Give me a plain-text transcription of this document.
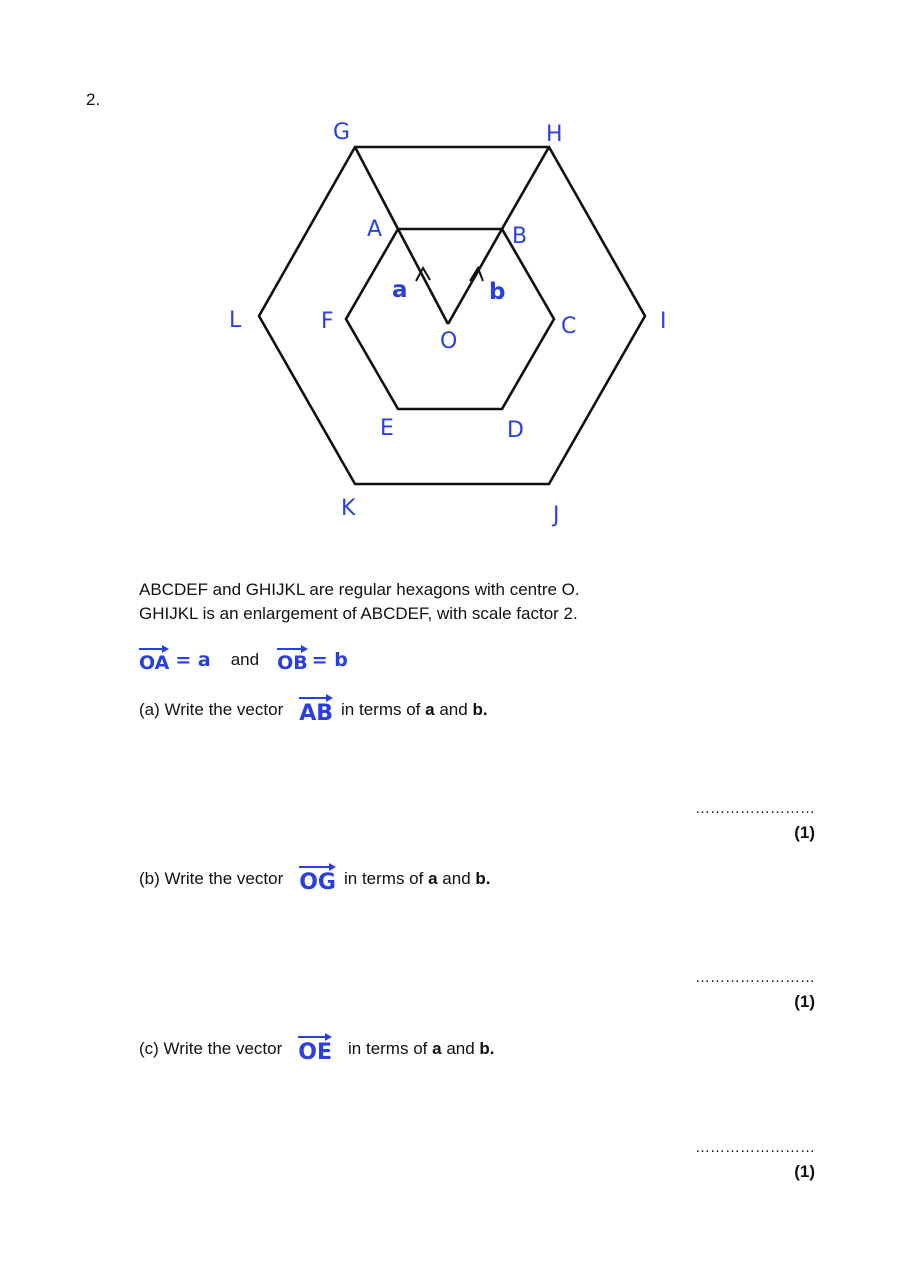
2.
G	H
I
J
K
L
A	B
C
D
E
F
O
a	b
ABCDEF and GHIJKL are regular hexagons with centre O.
GHIJKL is an enlargement of ABCDEF, with scale factor 2.
OA = a and OB = b
(a) Write the vector AB in terms of
a
and
b.
……………………
(1)
(b) Write the vector OG in terms of
a
and
b.
……………………
(1)
(c) Write the vector OE in terms of
a
and
b.
……………………
(1)
